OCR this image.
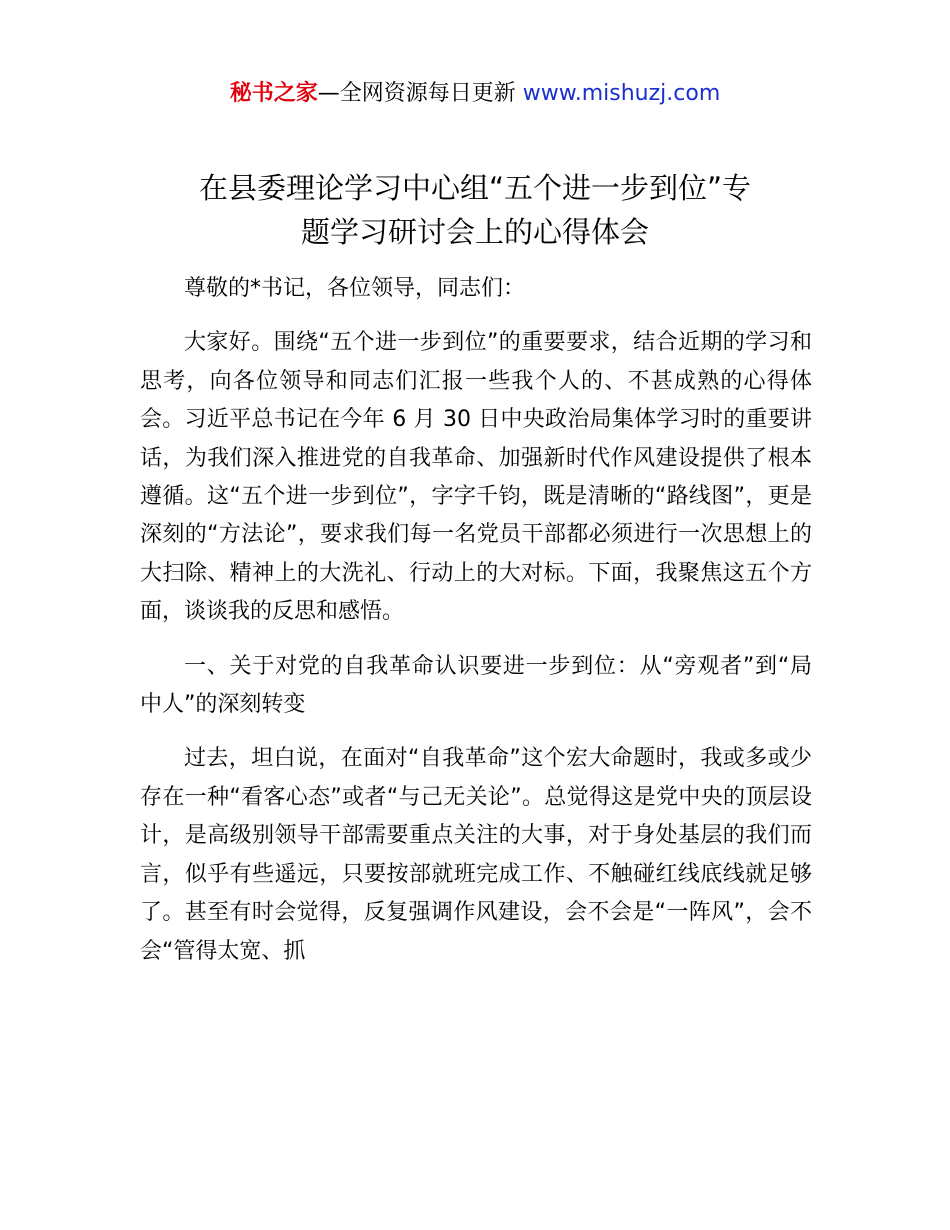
秘书之家—全网资源每日更新 www.mishuzj.com
在县委理论学习中心组“五个进一步到位”专
题学习研讨会上的心得体会

尊敬的*书记，各位领导，同志们：

大家好。围绕“五个进一步到位”的重要要求，结合近期的学习和思考，向各位领导和同志们汇报一些我个人的、不甚成熟的心得体会。习近平总书记在今年 6 月 30 日中央政治局集体学习时的重要讲话，为我们深入推进党的自我革命、加强新时代作风建设提供了根本遵循。这“五个进一步到位”，字字千钧，既是清晰的“路线图”，更是深刻的“方法论”，要求我们每一名党员干部都必须进行一次思想上的大扫除、精神上的大洗礼、行动上的大对标。下面，我聚焦这五个方面，谈谈我的反思和感悟。

一、关于对党的自我革命认识要进一步到位：从“旁观者”到“局中人”的深刻转变

过去，坦白说，在面对“自我革命”这个宏大命题时，我或多或少存在一种“看客心态”或者“与己无关论”。总觉得这是党中央的顶层设计，是高级别领导干部需要重点关注的大事，对于身处基层的我们而言，似乎有些遥远，只要按部就班完成工作、不触碰红线底线就足够了。甚至有时会觉得，反复强调作风建设，会不会是“一阵风”，会不会“管得太宽、抓
